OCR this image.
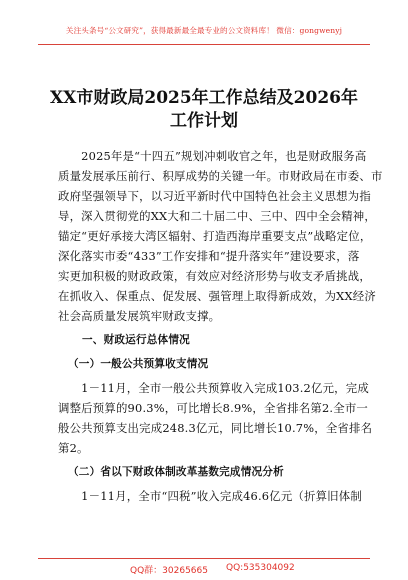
关注头条号“公文研究”，获得最新最全最专业的公文资料库！ 微信：gongwenyj
XX市财政局2025年工作总结及2026年
工作计划
　　2025年是“十四五”规划冲刺收官之年，也是财政服务高
质量发展承压前行、积厚成势的关键一年。市财政局在市委、市
政府坚强领导下，以习近平新时代中国特色社会主义思想为指
导，深入贯彻党的XX大和二十届二中、三中、四中全会精神，
锚定“更好承接大湾区辐射、打造西海岸重要支点”战略定位，
深化落实市委“433”工作安排和“提升落实年”建设要求，落
实更加积极的财政政策，有效应对经济形势与收支矛盾挑战，
在抓收入、保重点、促发展、强管理上取得新成效，为XX经济
社会高质量发展筑牢财政支撑。
一、财政运行总体情况
（一）一般公共预算收支情况
　　1－11月，全市一般公共预算收入完成103.2亿元，完成
调整后预算的90.3%，可比增长8.9%，全省排名第2.全市一
般公共预算支出完成248.3亿元，同比增长10.7%，全省排名
第2。
（二）省以下财政体制改革基数完成情况分析
　　1－11月，全市“四税”收入完成46.6亿元（折算旧体制
QQ群：30265665 QQ:535304092
